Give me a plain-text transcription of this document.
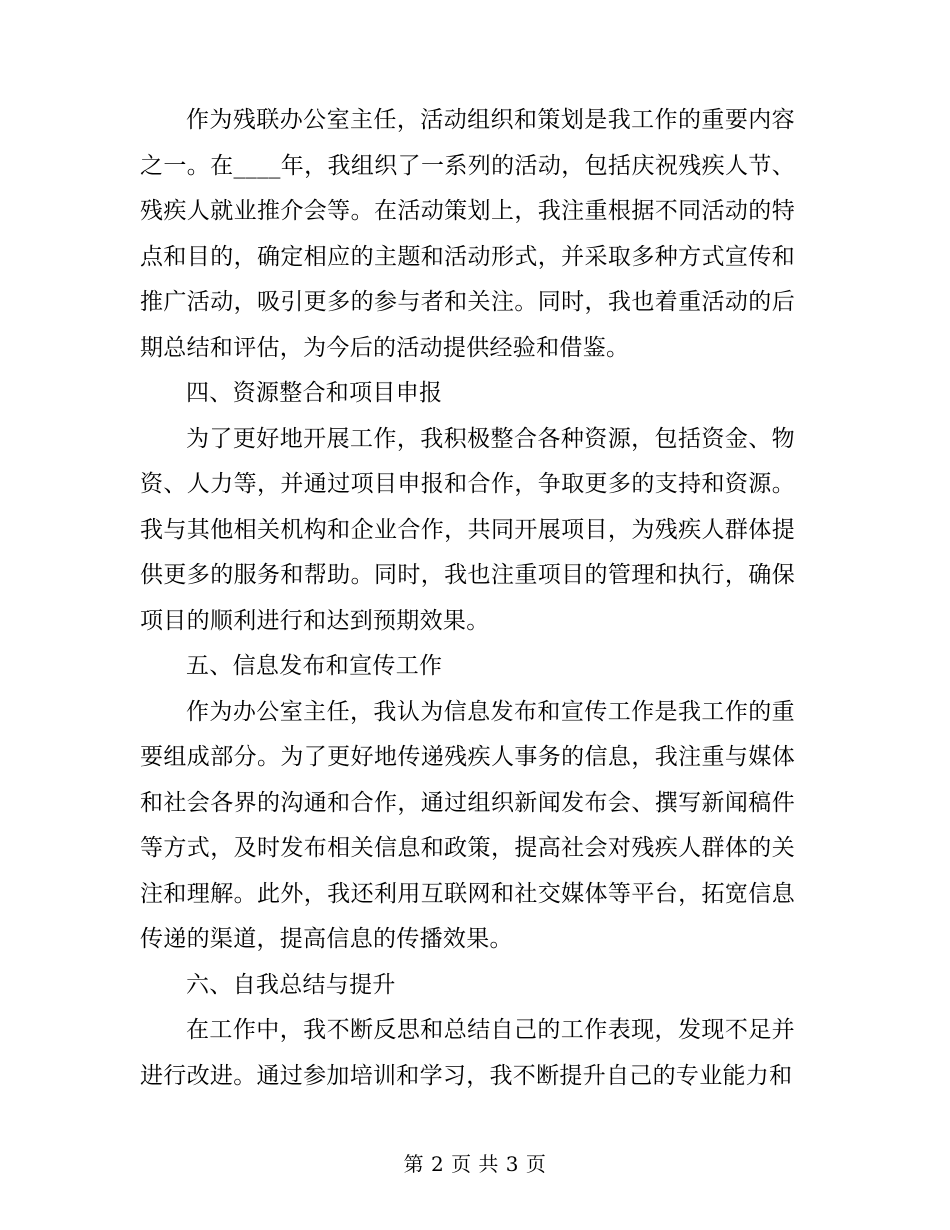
作为残联办公室主任，活动组织和策划是我工作的重要内容之一。在____年，我组织了一系列的活动，包括庆祝残疾人节、残疾人就业推介会等。在活动策划上，我注重根据不同活动的特点和目的，确定相应的主题和活动形式，并采取多种方式宣传和推广活动，吸引更多的参与者和关注。同时，我也着重活动的后期总结和评估，为今后的活动提供经验和借鉴。

四、资源整合和项目申报

为了更好地开展工作，我积极整合各种资源，包括资金、物资、人力等，并通过项目申报和合作，争取更多的支持和资源。我与其他相关机构和企业合作，共同开展项目，为残疾人群体提供更多的服务和帮助。同时，我也注重项目的管理和执行，确保项目的顺利进行和达到预期效果。

五、信息发布和宣传工作

作为办公室主任，我认为信息发布和宣传工作是我工作的重要组成部分。为了更好地传递残疾人事务的信息，我注重与媒体和社会各界的沟通和合作，通过组织新闻发布会、撰写新闻稿件等方式，及时发布相关信息和政策，提高社会对残疾人群体的关注和理解。此外，我还利用互联网和社交媒体等平台，拓宽信息传递的渠道，提高信息的传播效果。

六、自我总结与提升

在工作中，我不断反思和总结自己的工作表现，发现不足并进行改进。通过参加培训和学习，我不断提升自己的专业能力和

第 2 页 共 3 页
